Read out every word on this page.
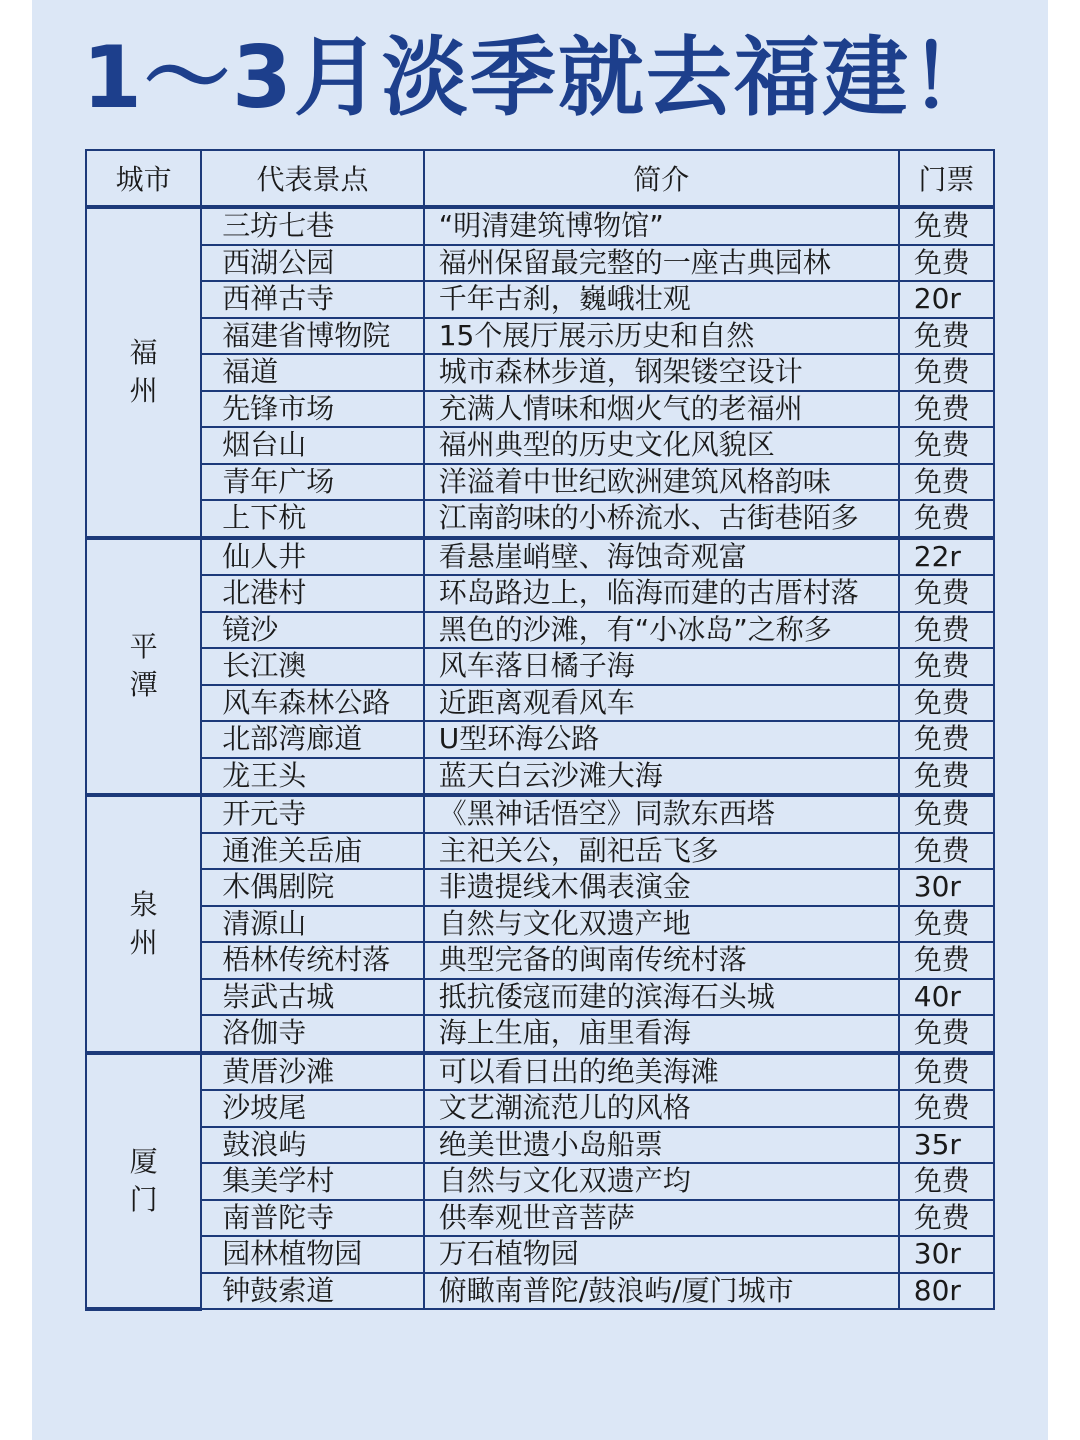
1～3月淡季就去福建！
城市	代表景点	简介	门票
福州	三坊七巷	“明清建筑博物馆”	免费
	西湖公园	福州保留最完整的一座古典园林	免费
	西禅古寺	千年古刹，巍峨壮观	20r
	福建省博物院	15个展厅展示历史和自然	免费
	福道	城市森林步道，钢架镂空设计	免费
	先锋市场	充满人情味和烟火气的老福州	免费
	烟台山	福州典型的历史文化风貌区	免费
	青年广场	洋溢着中世纪欧洲建筑风格韵味	免费
	上下杭	江南韵味的小桥流水、古街巷陌多	免费
平潭	仙人井	看悬崖峭壁、海蚀奇观富	22r
	北港村	环岛路边上，临海而建的古厝村落	免费
	镜沙	黑色的沙滩，有“小冰岛”之称多	免费
	长江澳	风车落日橘子海	免费
	风车森林公路	近距离观看风车	免费
	北部湾廊道	U型环海公路	免费
	龙王头	蓝天白云沙滩大海	免费
泉州	开元寺	《黑神话悟空》同款东西塔	免费
	通淮关岳庙	主祀关公，副祀岳飞多	免费
	木偶剧院	非遗提线木偶表演金	30r
	清源山	自然与文化双遗产地	免费
	梧林传统村落	典型完备的闽南传统村落	免费
	崇武古城	抵抗倭寇而建的滨海石头城	40r
	洛伽寺	海上生庙，庙里看海	免费
厦门	黄厝沙滩	可以看日出的绝美海滩	免费
	沙坡尾	文艺潮流范儿的风格	免费
	鼓浪屿	绝美世遗小岛船票	35r
	集美学村	自然与文化双遗产均	免费
	南普陀寺	供奉观世音菩萨	免费
	园林植物园	万石植物园	30r
	钟鼓索道	俯瞰南普陀/鼓浪屿/厦门城市	80r
